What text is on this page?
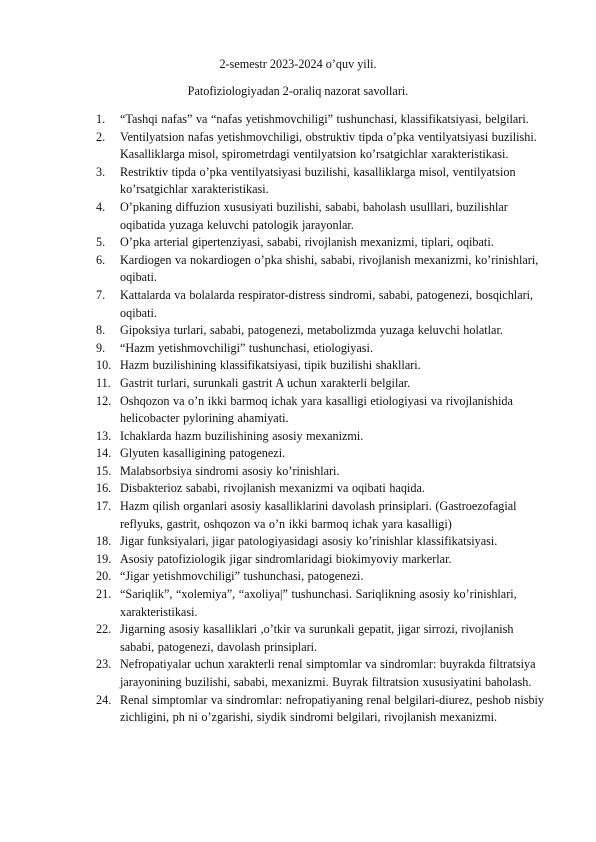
2-semestr 2023-2024 o’quv yili.

Patofiziologiyadan 2-oraliq nazorat savollari.

1.	“Tashqi nafas” va “nafas yetishmovchiligi” tushunchasi, klassifikatsiyasi, belgilari.
2.	Ventilyatsion nafas yetishmovchiligi, obstruktiv tipda o’pka ventilyatsiyasi buzilishi. Kasalliklarga misol, spirometrdagi ventilyatsion ko’rsatgichlar xarakteristikasi.
3.	Restriktiv tipda o’pka ventilyatsiyasi buzilishi, kasalliklarga misol, ventilyatsion ko’rsatgichlar xarakteristikasi.
4.	O’pkaning diffuzion xususiyati buzilishi, sababi, baholash usulllari, buzilishlar oqibatida yuzaga keluvchi patologik jarayonlar.
5.	O’pka arterial gipertenziyasi, sababi, rivojlanish mexanizmi, tiplari, oqibati.
6.	Kardiogen va nokardiogen o’pka shishi, sababi, rivojlanish mexanizmi, ko’rinishlari, oqibati.
7.	Kattalarda va bolalarda respirator-distress sindromi, sababi, patogenezi, bosqichlari, oqibati.
8.	Gipoksiya turlari, sababi, patogenezi, metabolizmda yuzaga keluvchi holatlar.
9.	“Hazm yetishmovchiligi” tushunchasi, etiologiyasi.
10. Hazm buzilishining klassifikatsiyasi, tipik buzilishi shakllari.
11. Gastrit turlari, surunkali gastrit A uchun xarakterli belgilar.
12. Oshqozon va o’n ikki barmoq ichak yara kasalligi etiologiyasi va rivojlanishida helicobacter pylorining ahamiyati.
13. Ichaklarda hazm buzilishining asosiy mexanizmi.
14. Glyuten kasalligining patogenezi.
15. Malabsorbsiya sindromi asosiy ko’rinishlari.
16. Disbakterioz sababi, rivojlanish mexanizmi va oqibati haqida.
17. Hazm qilish organlari asosiy kasalliklarini davolash prinsiplari. (Gastroezofagial reflyuks, gastrit, oshqozon va o’n ikki barmoq ichak yara kasalligi)
18. Jigar funksiyalari, jigar patologiyasidagi asosiy ko’rinishlar klassifikatsiyasi.
19. Asosiy patofiziologik jigar sindromlaridagi biokimyoviy markerlar.
20. “Jigar yetishmovchiligi” tushunchasi, patogenezi.
21. “Sariqlik”, “xolemiya”, “axoliya|” tushunchasi. Sariqlikning asosiy ko’rinishlari, xarakteristikasi.
22. Jigarning asosiy kasalliklari ,o’tkir va surunkali gepatit, jigar sirrozi, rivojlanish sababi, patogenezi, davolash prinsiplari.
23. Nefropatiyalar uchun xarakterli renal simptomlar va sindromlar: buyrakda filtratsiya jarayonining buzilishi, sababi, mexanizmi. Buyrak filtratsion xususiyatini baholash.
24. Renal simptomlar va sindromlar: nefropatiyaning renal belgilari-diurez, peshob nisbiy zichligini, ph ni o’zgarishi, siydik sindromi belgilari, rivojlanish mexanizmi.
